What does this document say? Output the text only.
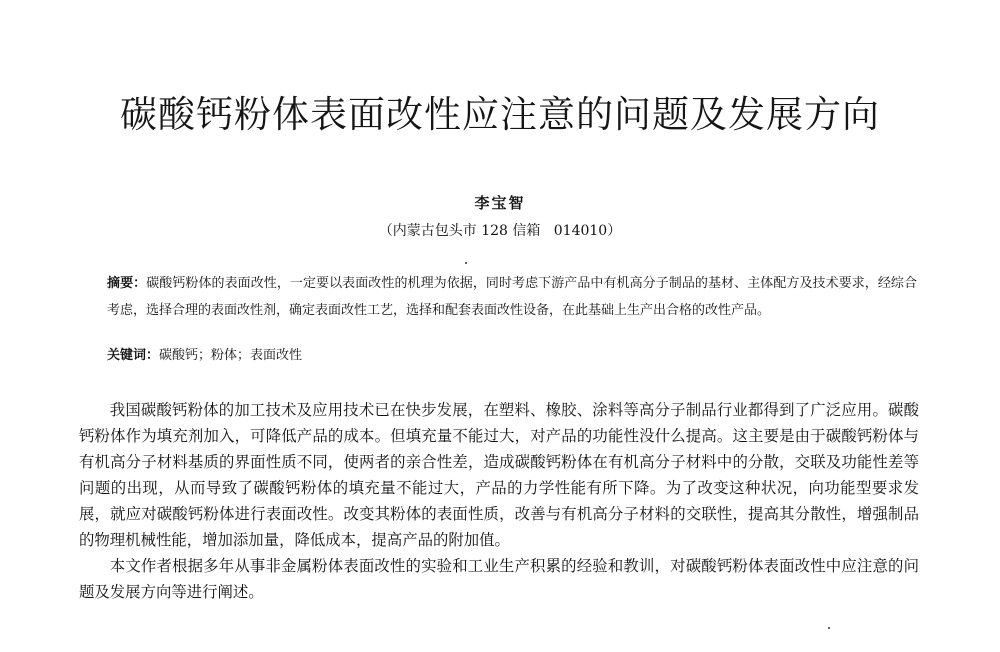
碳酸钙粉体表面改性应注意的问题及发展方向
李宝智
（内蒙古包头市 128 信箱   014010）
摘要：碳酸钙粉体的表面改性，一定要以表面改性的机理为依据，同时考虑下游产品中有机高分子制品的基材、主体配方及技术要求，经综合考虑，选择合理的表面改性剂，确定表面改性工艺，选择和配套表面改性设备，在此基础上生产出合格的改性产品。
关键词：碳酸钙；粉体；表面改性

我国碳酸钙粉体的加工技术及应用技术已在快步发展，在塑料、橡胶、涂料等高分子制品行业都得到了广泛应用。碳酸钙粉体作为填充剂加入，可降低产品的成本。但填充量不能过大，对产品的功能性没什么提高。这主要是由于碳酸钙粉体与有机高分子材料基质的界面性质不同，使两者的亲合性差，造成碳酸钙粉体在有机高分子材料中的分散，交联及功能性差等问题的出现，从而导致了碳酸钙粉体的填充量不能过大，产品的力学性能有所下降。为了改变这种状况，向功能型要求发展，就应对碳酸钙粉体进行表面改性。改变其粉体的表面性质，改善与有机高分子材料的交联性，提高其分散性，增强制品的物理机械性能，增加添加量，降低成本，提高产品的附加值。

本文作者根据多年从事非金属粉体表面改性的实验和工业生产积累的经验和教训，对碳酸钙粉体表面改性中应注意的问题及发展方向等进行阐述。
